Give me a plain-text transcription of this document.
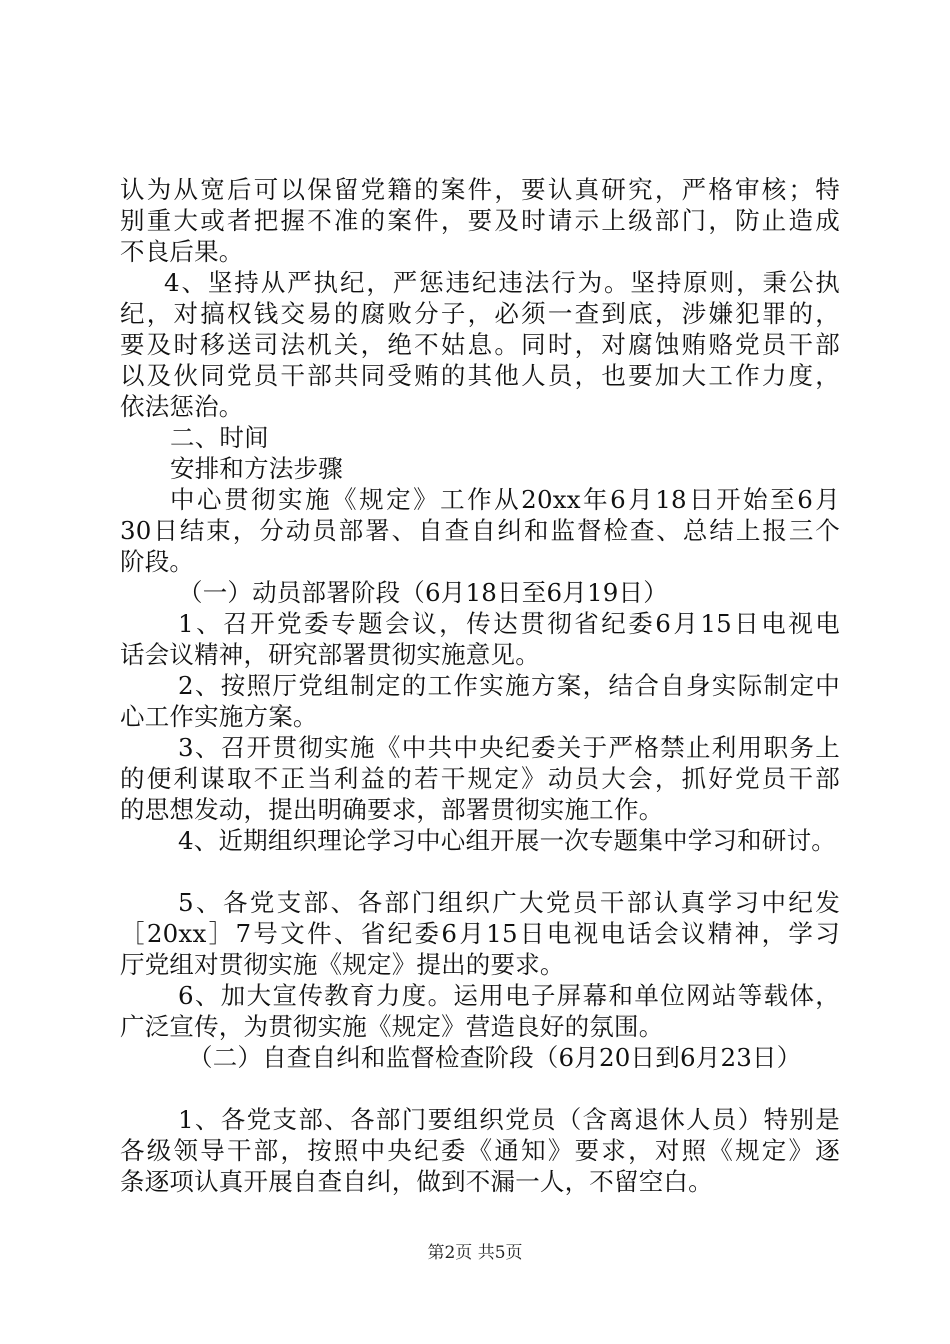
认为从宽后可以保留党籍的案件，要认真研究，严格审核；特
别重大或者把握不准的案件，要及时请示上级部门，防止造成
不良后果。
4、坚持从严执纪，严惩违纪违法行为。坚持原则，秉公执
纪，对搞权钱交易的腐败分子，必须一查到底，涉嫌犯罪的，
要及时移送司法机关，绝不姑息。同时，对腐蚀贿赂党员干部
以及伙同党员干部共同受贿的其他人员，也要加大工作力度，
依法惩治。
二、时间
安排和方法步骤
中心贯彻实施《规定》工作从20xx年6月18日开始至6月
30日结束，分动员部署、自查自纠和监督检查、总结上报三个
阶段。
（一）动员部署阶段（6月18日至6月19日）
1、召开党委专题会议，传达贯彻省纪委6月15日电视电
话会议精神，研究部署贯彻实施意见。
2、按照厅党组制定的工作实施方案，结合自身实际制定中
心工作实施方案。
3、召开贯彻实施《中共中央纪委关于严格禁止利用职务上
的便利谋取不正当利益的若干规定》动员大会，抓好党员干部
的思想发动，提出明确要求，部署贯彻实施工作。
4、近期组织理论学习中心组开展一次专题集中学习和研讨。
5、各党支部、各部门组织广大党员干部认真学习中纪发
［20xx］7号文件、省纪委6月15日电视电话会议精神，学习
厅党组对贯彻实施《规定》提出的要求。
6、加大宣传教育力度。运用电子屏幕和单位网站等载体，
广泛宣传，为贯彻实施《规定》营造良好的氛围。
（二）自查自纠和监督检查阶段（6月20日到6月23日）
1、各党支部、各部门要组织党员（含离退休人员）特别是
各级领导干部，按照中央纪委《通知》要求，对照《规定》逐
条逐项认真开展自查自纠，做到不漏一人，不留空白。
第2页 共5页
